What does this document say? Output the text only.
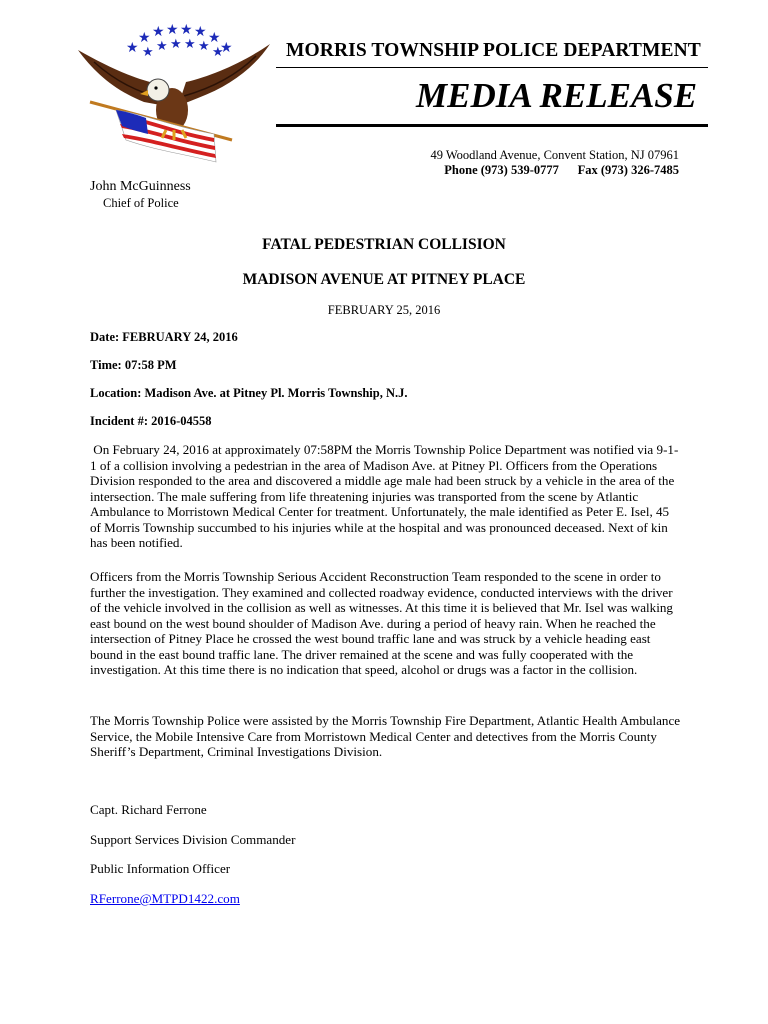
★
★ ★ ★ ★ ★ ★
★
★ ★ ★ ★ ★ ★	MORRIS TOWNSHIP POLICE DEPARTMENT
MEDIA RELEASE
49 Woodland Avenue, Convent Station, NJ 07961
Phone (973) 539-0777      Fax (973) 326-7485
John McGuinness
Chief of Police
FATAL PEDESTRIAN COLLISION
MADISON AVENUE AT PITNEY PLACE
FEBRUARY 25, 2016
Date: FEBRUARY 24, 2016
Time: 07:58 PM
Location: Madison Ave. at Pitney Pl. Morris Township, N.J.
Incident #: 2016-04558

On February 24, 2016 at approximately 07:58PM the Morris Township Police Department was notified via 9-1-1 of a collision involving a pedestrian in the area of Madison Ave. at Pitney Pl. Officers from the Operations Division responded to the area and discovered a middle age male had been struck by a vehicle in the area of the intersection. The male suffering from life threatening injuries was transported from the scene by Atlantic Ambulance to Morristown Medical Center for treatment. Unfortunately, the male identified as Peter E. Isel, 45 of Morris Township succumbed to his injuries while at the hospital and was pronounced deceased. Next of kin has been notified.

Officers from the Morris Township Serious Accident Reconstruction Team responded to the scene in order to further the investigation. They examined and collected roadway evidence, conducted interviews with the driver of the vehicle involved in the collision as well as witnesses. At this time it is believed that Mr. Isel was walking east bound on the west bound shoulder of Madison Ave. during a period of heavy rain. When he reached the intersection of Pitney Place he crossed the west bound traffic lane and was struck by a vehicle heading east bound in the east bound traffic lane. The driver remained at the scene and was fully cooperated with the investigation. At this time there is no indication that speed, alcohol or drugs was a factor in the collision.

The Morris Township Police were assisted by the Morris Township Fire Department, Atlantic Health Ambulance Service, the Mobile Intensive Care from Morristown Medical Center and detectives from the Morris County Sheriff’s Department, Criminal Investigations Division.

Capt. Richard Ferrone
Support Services Division Commander
Public Information Officer
RFerrone@MTPD1422.com
